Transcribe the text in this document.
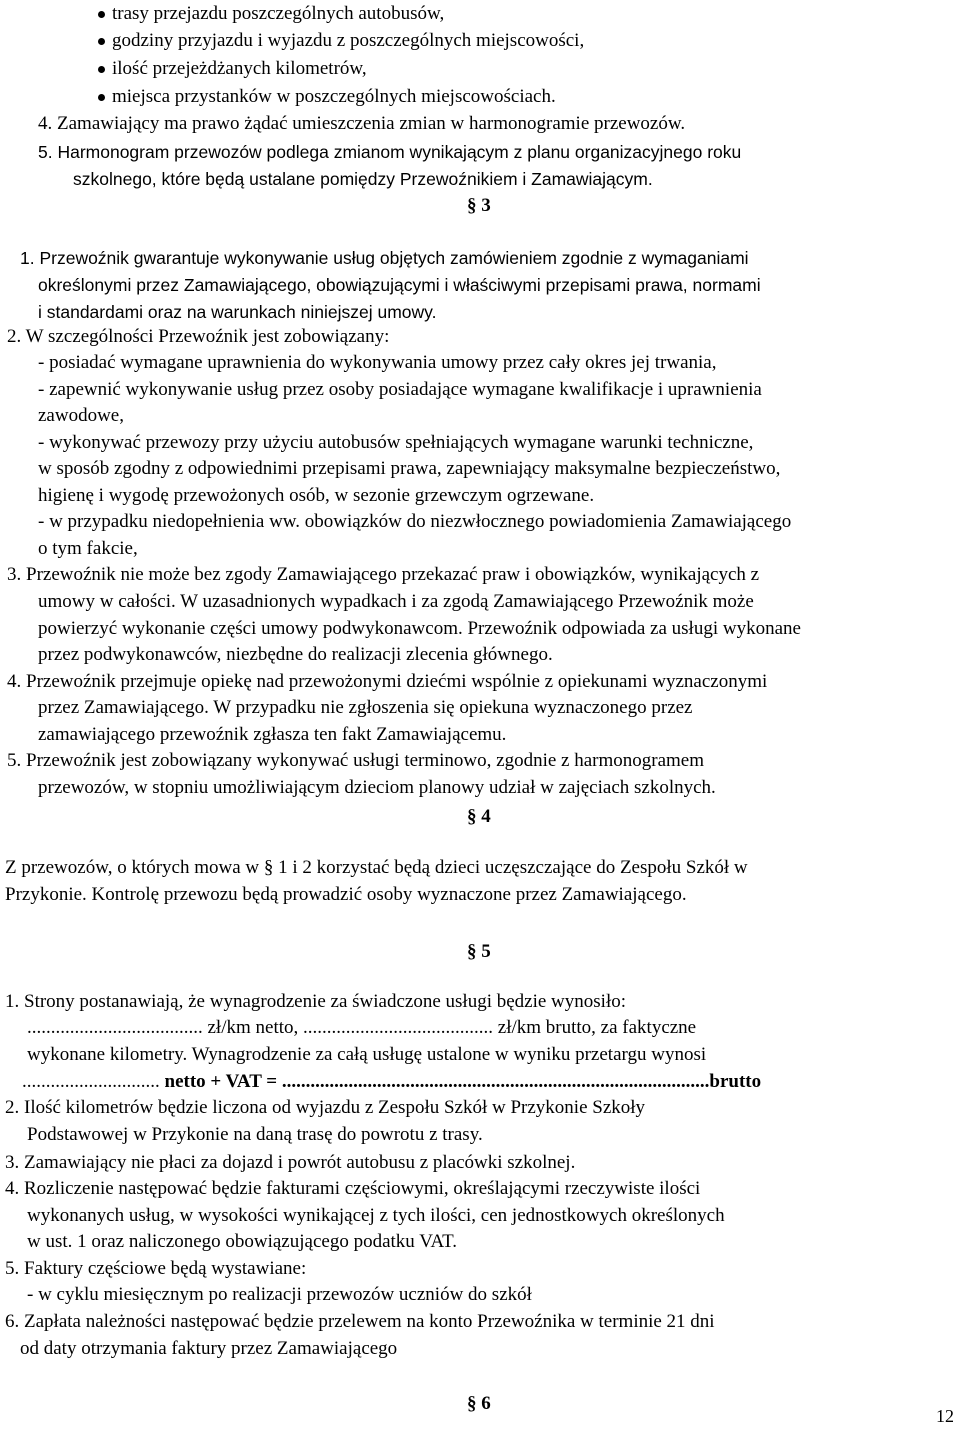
trasy przejazdu poszczególnych autobusów,
godziny przyjazdu i wyjazdu z poszczególnych miejscowości,
ilość przejeżdżanych kilometrów,
miejsca przystanków w poszczególnych miejscowościach.
4. Zamawiający ma prawo żądać umieszczenia zmian w harmonogramie przewozów.
5. Harmonogram przewozów podlega zmianom wynikającym z planu organizacyjnego roku
szkolnego, które będą ustalane pomiędzy Przewoźnikiem i Zamawiającym.
§ 3
1. Przewoźnik gwarantuje wykonywanie usług objętych zamówieniem zgodnie z wymaganiami
określonymi przez Zamawiającego, obowiązującymi i właściwymi przepisami prawa, normami
i standardami oraz na warunkach niniejszej umowy.
2. W szczególności Przewoźnik jest zobowiązany:
- posiadać wymagane uprawnienia do wykonywania umowy przez cały okres jej trwania,
- zapewnić wykonywanie usług przez osoby posiadające wymagane kwalifikacje i uprawnienia
zawodowe,
- wykonywać przewozy przy użyciu autobusów spełniających wymagane warunki techniczne,
w sposób zgodny z odpowiednimi przepisami prawa, zapewniający maksymalne bezpieczeństwo,
higienę i wygodę przewożonych osób, w sezonie grzewczym ogrzewane.
- w przypadku niedopełnienia ww. obowiązków do niezwłocznego powiadomienia Zamawiającego
o tym fakcie,
3. Przewoźnik nie może bez zgody Zamawiającego przekazać praw i obowiązków, wynikających z
umowy w całości. W uzasadnionych wypadkach i za zgodą Zamawiającego Przewoźnik może
powierzyć wykonanie części umowy podwykonawcom. Przewoźnik odpowiada za usługi wykonane
przez podwykonawców, niezbędne do realizacji zlecenia głównego.
4. Przewoźnik przejmuje opiekę nad przewożonymi dziećmi wspólnie z opiekunami wyznaczonymi
przez Zamawiającego. W przypadku nie zgłoszenia się opiekuna wyznaczonego przez
zamawiającego przewoźnik zgłasza ten fakt Zamawiającemu.
5. Przewoźnik jest zobowiązany wykonywać usługi terminowo, zgodnie z harmonogramem
przewozów, w stopniu umożliwiającym dzieciom planowy udział w zajęciach szkolnych.
§ 4
Z przewozów, o których mowa w § 1 i 2 korzystać będą dzieci uczęszczające do Zespołu Szkół w
Przykonie. Kontrolę przewozu będą prowadzić osoby wyznaczone przez Zamawiającego.
§ 5
1. Strony postanawiają, że wynagrodzenie za świadczone usługi będzie wynosiło:
..................................... zł/km netto, ........................................ zł/km brutto, za faktyczne
wykonane kilometry. Wynagrodzenie za całą usługę ustalone w wyniku przetargu wynosi
............................. netto + VAT = ..........................................................................................brutto
2. Ilość kilometrów będzie liczona od wyjazdu z Zespołu Szkół w Przykonie Szkoły
Podstawowej w Przykonie na daną trasę do powrotu z trasy.
3. Zamawiający nie płaci za dojazd i powrót autobusu z placówki szkolnej.
4. Rozliczenie następować będzie fakturami częściowymi, określającymi rzeczywiste ilości
wykonanych usług, w wysokości wynikającej z tych ilości, cen jednostkowych określonych
w ust. 1 oraz naliczonego obowiązującego podatku VAT.
5. Faktury częściowe będą wystawiane:
- w cyklu miesięcznym po realizacji przewozów uczniów do szkół
6. Zapłata należności następować będzie przelewem na konto Przewoźnika w terminie 21 dni
od daty otrzymania faktury przez Zamawiającego
§ 6
12
